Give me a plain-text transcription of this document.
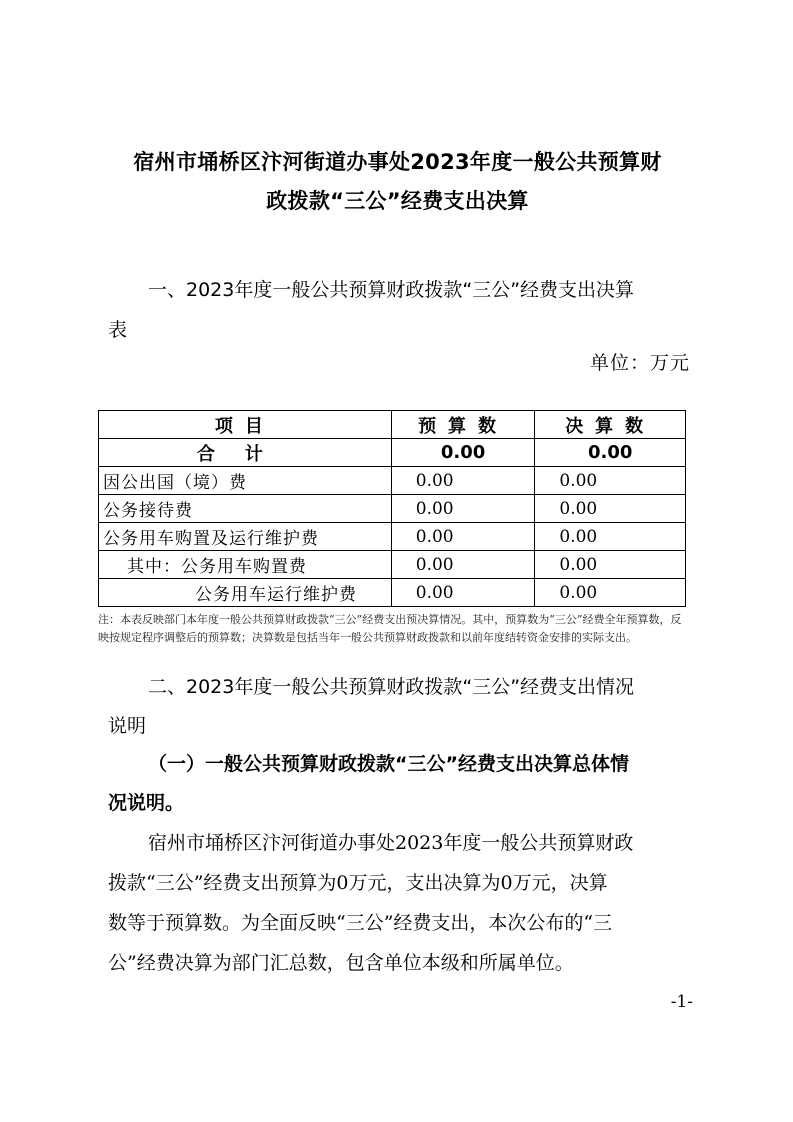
宿州市埇桥区汴河街道办事处2023年度一般公共预算财
政拨款“三公”经费支出决算
一、2023年度一般公共预算财政拨款“三公”经费支出决算
表
单位：万元
项目	预算数	决算数
合计	0.00	0.00
因公出国（境）费	0.00	0.00
公务接待费	0.00	0.00
公务用车购置及运行维护费	0.00	0.00
其中：公务用车购置费	0.00	0.00
公务用车运行维护费	0.00	0.00
注：本表反映部门本年度一般公共预算财政拨款“三公”经费支出预决算情况。其中，预算数为“三公”经费全年预算数，反映按规定程序调整后的预算数；决算数是包括当年一般公共预算财政拨款和以前年度结转资金安排的实际支出。
二、2023年度一般公共预算财政拨款“三公”经费支出情况
说明
（一）一般公共预算财政拨款“三公”经费支出决算总体情
况说明。
宿州市埇桥区汴河街道办事处2023年度一般公共预算财政
拨款“三公”经费支出预算为0万元，支出决算为0万元，决算
数等于预算数。为全面反映“三公”经费支出，本次公布的“三
公”经费决算为部门汇总数，包含单位本级和所属单位。
-1-
